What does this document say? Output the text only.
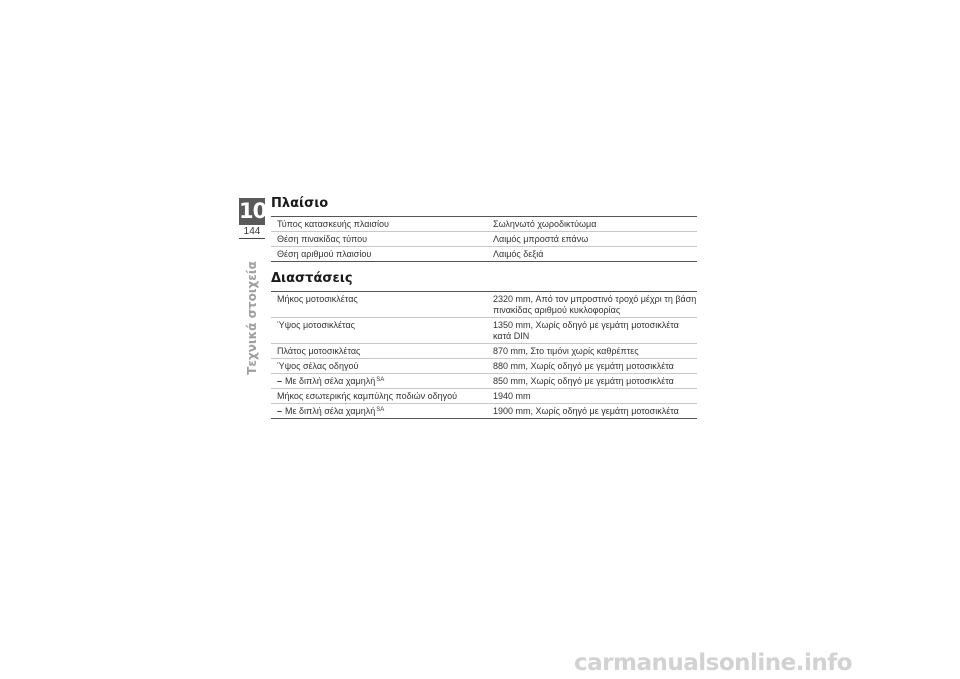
10
144
Τεχνικά στοιχεία
Πλαίσιο
Τύπος κατασκευής πλαισίου	Σωληνωτό χωροδικτύωμα
Θέση πινακίδας τύπου	Λαιμός μπροστά επάνω
Θέση αριθμού πλαισίου	Λαιμός δεξιά
Διαστάσεις
Μήκος μοτοσικλέτας	2320 mm, Από τον μπροστινό τροχό μέχρι τη βάση πινακίδας αριθμού κυκλοφορίας
Ύψος μοτοσικλέτας	1350 mm, Χωρίς οδηγό με γεμάτη μοτοσικλέτα κατά DIN
Πλάτος μοτοσικλέτας	870 mm, Στο τιμόνι χωρίς καθρέπτες
Ύψος σέλας οδηγού	880 mm, Χωρίς οδηγό με γεμάτη μοτοσικλέτα
– Με διπλή σέλα χαμηλή$^{SA}$	850 mm, Χωρίς οδηγό με γεμάτη μοτοσικλέτα
Μήκος εσωτερικής καμπύλης ποδιών οδηγού	1940 mm
– Με διπλή σέλα χαμηλή$^{SA}$	1900 mm, Χωρίς οδηγό με γεμάτη μοτοσικλέτα
carmanualsonline.info
